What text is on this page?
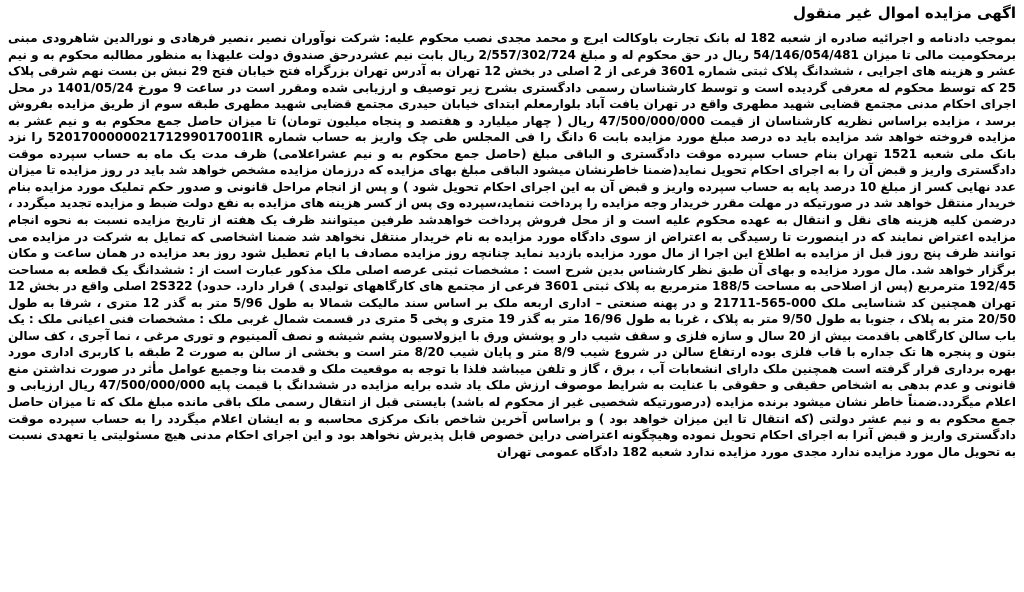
اگهی مزایده اموال غیر منقول

بموجب دادنامه و اجرائیه صادره از شعبه 182 له بانک تجارت باوکالت ایرج و محمد مجدی نصب محکوم علیه: شرکت نوآوران نصیر ،نصیر فرهادی و نورالدین شاهرودی مبنی برمحکومیت مالی تا میزان 54/146/054/481 ریال در حق محکوم له و مبلغ 2/557/302/724 ریال بابت نیم عشردرحق صندوق دولت علیهذا به منظور مطالبه محکوم به و نیم عشر و هزینه های اجرایی ، ششدانگ پلاک ثبتی شماره 3601 فرعی از 2 اصلی در بخش 12 تهران به آدرس تهران بزرگراه فتح خیابان فتح 29 نبش بن بست نهم شرقی پلاک 25 که توسط محکوم له معرفی گردیده است و توسط کارشناسان رسمی دادگستری بشرح زیر توصیف و ارزیابی شده ومقرر است در ساعت 9 مورخ 1401/05/24 در محل اجرای احکام مدنی مجتمع قضایی شهید مطهری واقع در تهران یافت آباد بلوارمعلم ابتدای خیابان حیدری مجتمع قضایی شهید مطهری طبقه سوم از طریق مزایده بفروش برسد ، مزایده براساس نظریه کارشناسان از قیمت 47/500/000/000 ریال ( چهار میلیارد و هفتصد و پنجاه میلیون تومان) تا میزان حاصل جمع محکوم به و نیم عشر به مزایده فروخته خواهد شد مزایده باید ده درصد مبلغ مورد مزایده بابت 6 دانگ را فی المجلس طی چک واریز به حساب شماره 520170000002171299017001IR را نزد بانک ملی شعبه 1521 تهران بنام حساب سپرده موقت دادگستری و الباقی مبلغ (حاصل جمع محکوم به و نیم عشراعلامی) ظرف مدت یک ماه به حساب سپرده موقت دادگستری واریز و قبض آن را به اجرای احکام تحویل نماید(ضمنا خاطرنشان میشود الباقی مبلغ بهای مزایده که درزمان مزایده مشخص خواهد شد باید در روز مزایده تا میزان عدد نهایی کسر از مبلغ 10 درصد پایه به حساب سپرده واریز و قبض آن به این اجرای احکام تحویل شود ) و پس از انجام مراحل قانونی و صدور حکم تملیک مورد مزایده بنام خریدار منتقل خواهد شد در صورتیکه در مهلت مقرر خریدار وجه مزایده را پرداخت ننماید،سپرده وی پس از کسر هزینه های مزایده به نفع دولت ضبط و مزایده تجدید میگردد ، درضمن کلیه هزینه های نقل و انتقال به عهده محکوم علیه است و از محل فروش پرداخت خواهدشد طرفین میتوانند ظرف یک هفته از تاریخ مزایده نسبت به نحوه انجام مزایده اعتراض نمایند که در اینصورت تا رسیدگی به اعتراض از سوی دادگاه مورد مزایده به نام خریدار منتقل نخواهد شد ضمنا اشخاصی که تمایل به شرکت در مزایده می توانند ظرف پنج روز قبل از مزایده به اطلاع این اجرا از مال مورد مزایده بازدید نماید چنانچه روز مزایده مصادف با ایام تعطیل شود روز بعد مزایده در همان ساعت و مکان برگزار خواهد شد. مال مورد مزایده و بهای آن طبق نظر کارشناس بدین شرح است : مشخصات ثبتی عرصه اصلی ملک مذکور عبارت است از : ششدانگ یک قطعه به مساحت 192/45 مترمربع (پس از اصلاحی به مساحت 188/5 مترمربع به پلاک ثبتی 3601 فرعی از مجتمع های کارگاههای تولیدی ) قرار دارد. حدود) 2S322 اصلی واقع در بخش 12 تهران همچنین کد شناسایی ملک 000-565-21711 و در پهنه صنعتی – اداری اربعه ملک بر اساس سند مالیکت شمالا به طول 5/96 متر به گذر 12 متری ، شرقا به طول 20/50 متر به پلاک ، جنوبا به طول 9/50 متر به پلاک ، غربا به طول 16/96 متر به گذر 19 متری و پخی 5 متری در قسمت شمال غربی ملک : مشخصات فنی اعیانی ملک : یک باب سالن کارگاهی باقدمت بیش از 20 سال و سازه فلزی و سقف شیب دار و پوشش ورق با ایزولاسیون پشم شیشه و نصف آلمینیوم و توری مرغی ، نما آجری ، کف سالن بتون و پنجره ها تک جداره با قاب فلزی بوده ارتفاع سالن در شروع شیب 8/9 متر و پایان شیب 8/20 متر است و بخشی از سالن به صورت 2 طبقه با کاربری اداری مورد بهره برداری قرار گرفته است همچنین ملک دارای انشعابات آب ، برق ، گاز و تلفن میباشد فلذا با توجه به موقعیت ملک و قدمت بنا وجمیع عوامل مأثر در صورت نداشتن منع قانونی و عدم بدهی به اشخاص حقیقی و حقوقی با عنایت به شرایط موصوف ارزش ملک یاد شده برایه مزایده در ششدانگ با قیمت پایه 47/500/000/000 ریال ارزیابی و اعلام میگردد.ضمناً خاطر نشان میشود برنده مزایده (درصورتیکه شخصیی غیر از محکوم له باشد) بایستی قبل از انتقال رسمی ملک باقی مانده مبلغ ملک که تا میزان حاصل جمع محکوم به و نیم عشر دولتی (که انتقال تا این میزان خواهد بود ) و براساس آخرین شاخص بانک مرکزی محاسبه و به ایشان اعلام میگردد را به حساب سپرده موقت دادگستری واریز و قبض آنرا به اجرای احکام تحویل نموده وهیچگونه اعتراضی دراین خصوص قابل پذیرش نخواهد بود و این اجرای احکام مدنی هیچ مسئولیتی یا تعهدی نسبت به تحویل مال مورد مزایده ندارد مجدی مورد مزایده ندارد شعبه 182 دادگاه عمومی تهران
